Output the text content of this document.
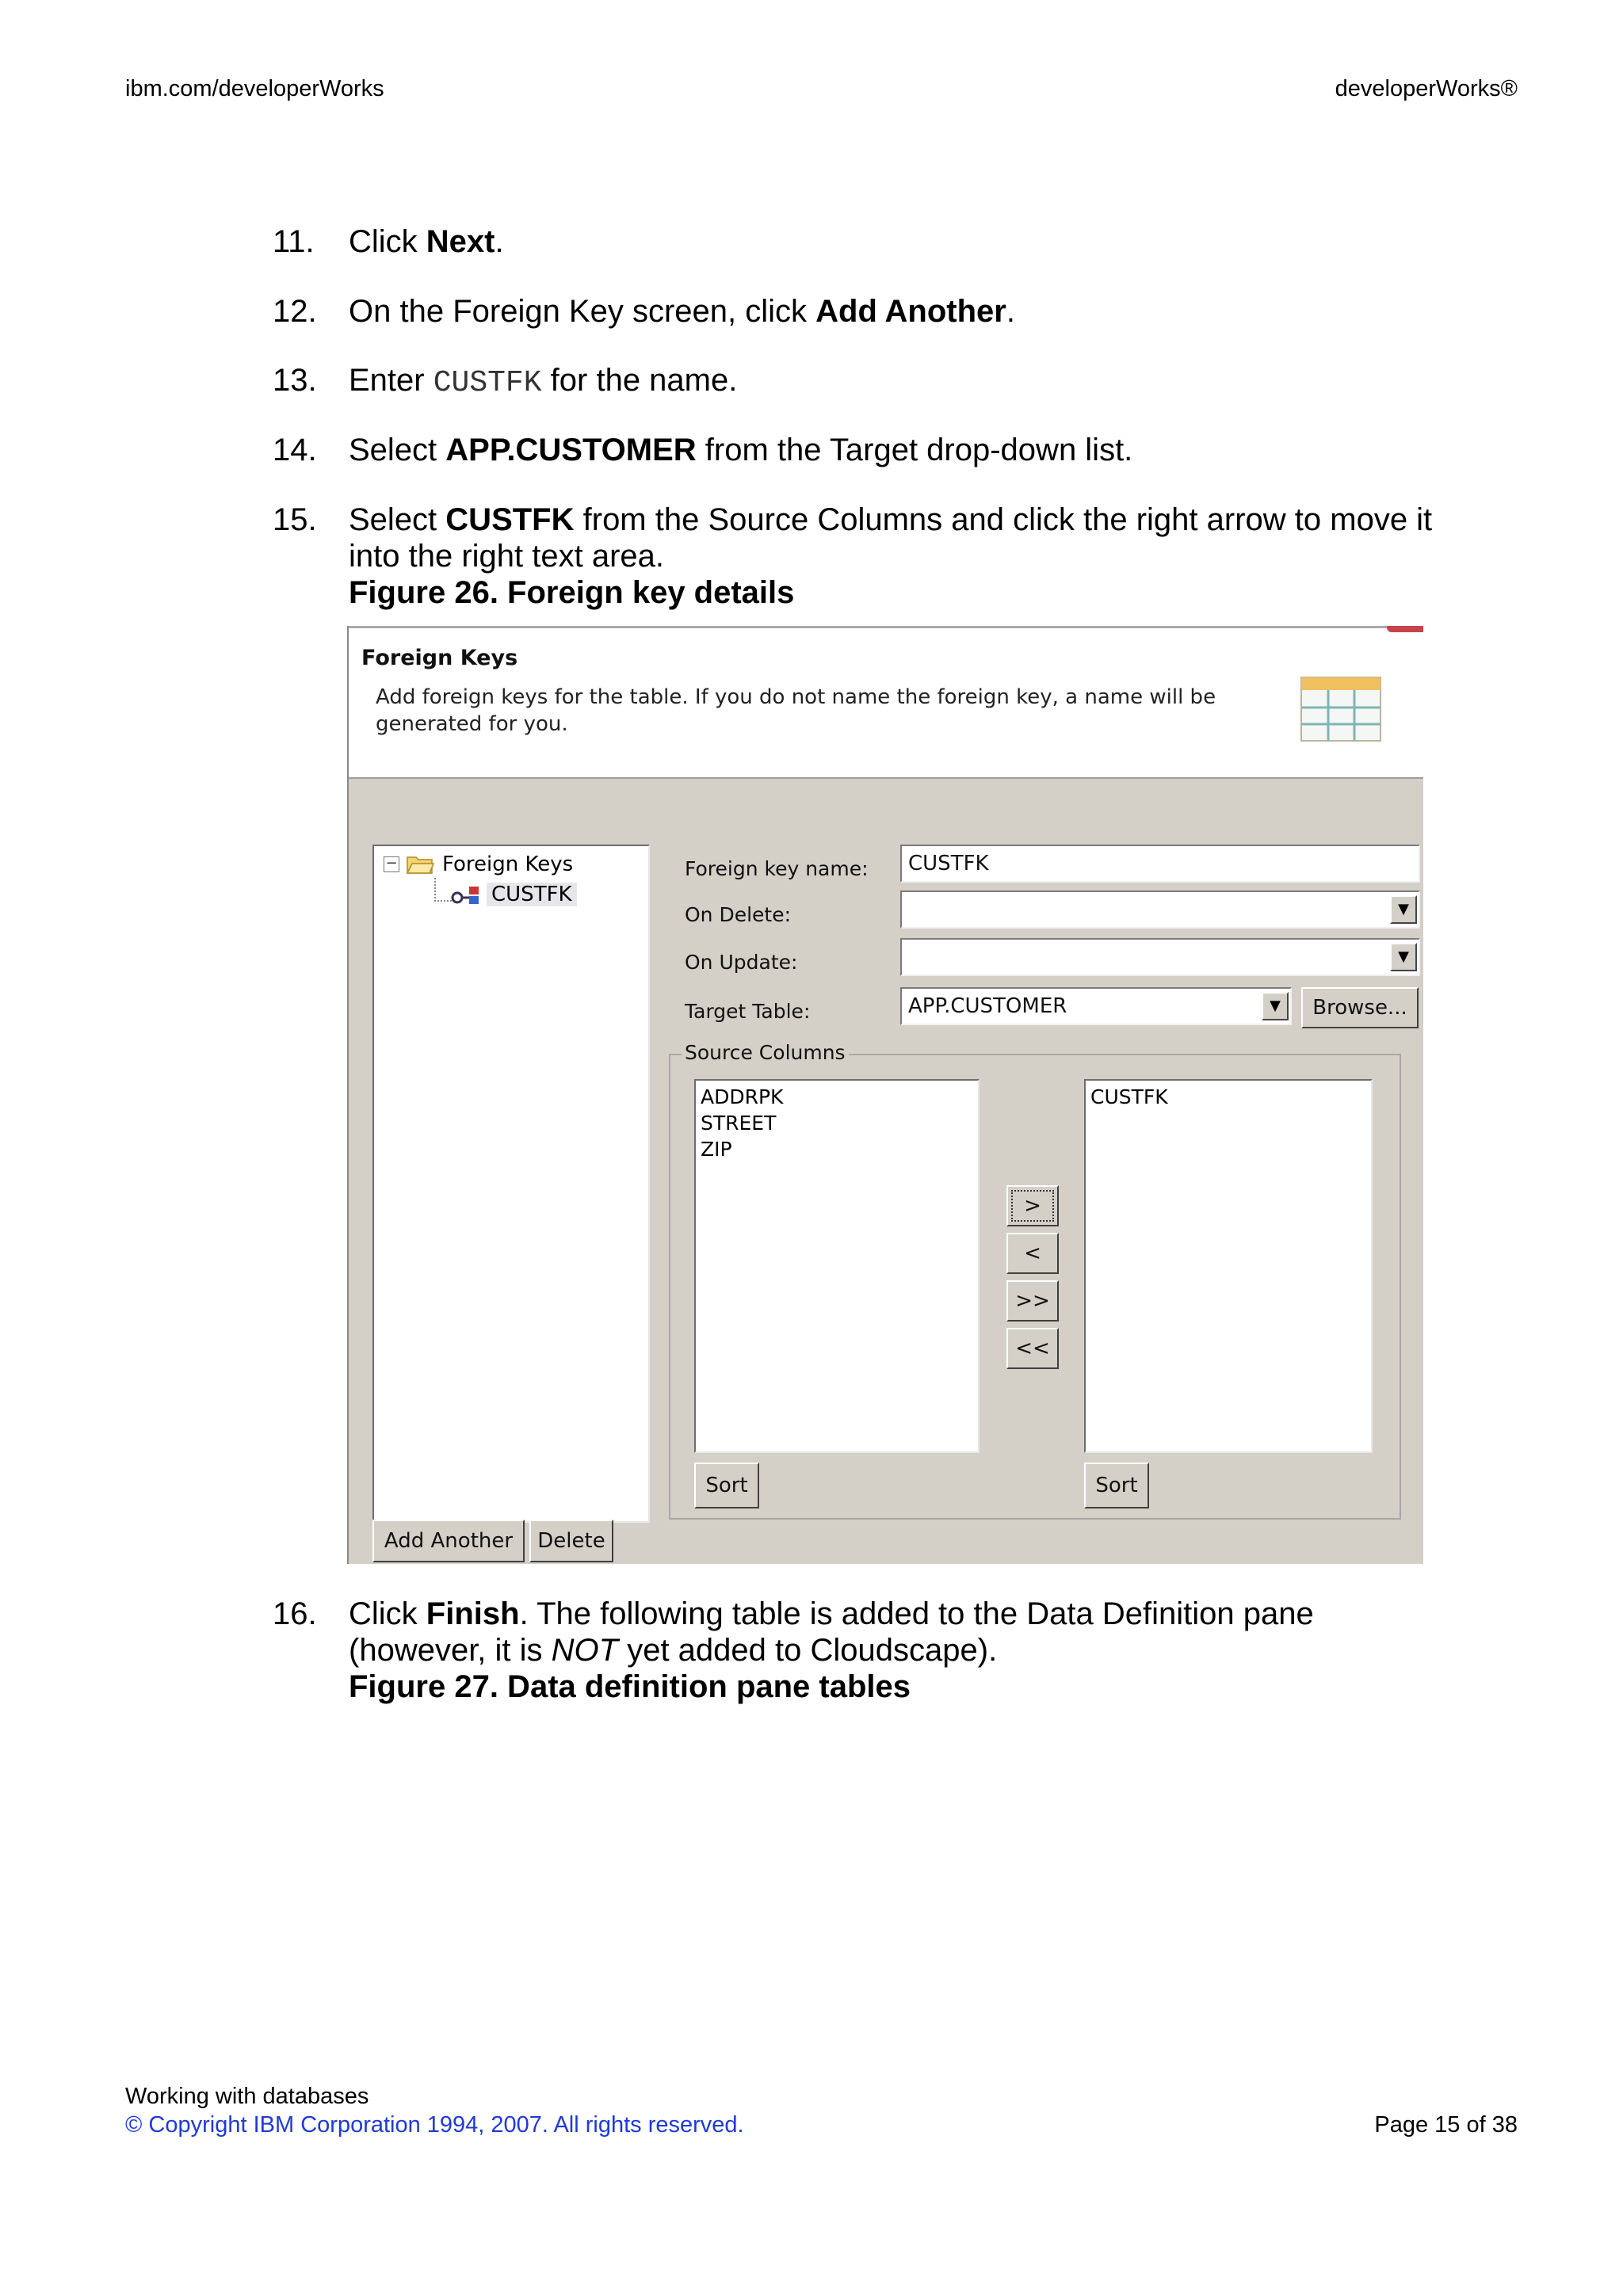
ibm.com/developerWorks	developerWorks®
11.	Click Next.
12.	On the Foreign Key screen, click Add Another.
13.	Enter CUSTFK for the name.
14.	Select APP.CUSTOMER from the Target drop-down list.
15.	Select CUSTFK from the Source Columns and click the right arrow to move it into the right text area.
Figure 26. Foreign key details
Foreign Keys
Add foreign keys for the table. If you do not name the foreign key, a name will be generated for you.
− Foreign Keys
CUSTFK
Foreign key name:	CUSTFK
On Delete:	▼
On Update:	▼
Target Table:	APP.CUSTOMER	▼	Browse...
Source Columns
ADDRPK
STREET
ZIP
>
<
>>
<<
CUSTFK
Sort	Sort
Add Another	Delete
16.	Click Finish. The following table is added to the Data Definition pane (however, it is NOT yet added to Cloudscape).
Figure 27. Data definition pane tables
Working with databases
© Copyright IBM Corporation 1994, 2007. All rights reserved.	Page 15 of 38
